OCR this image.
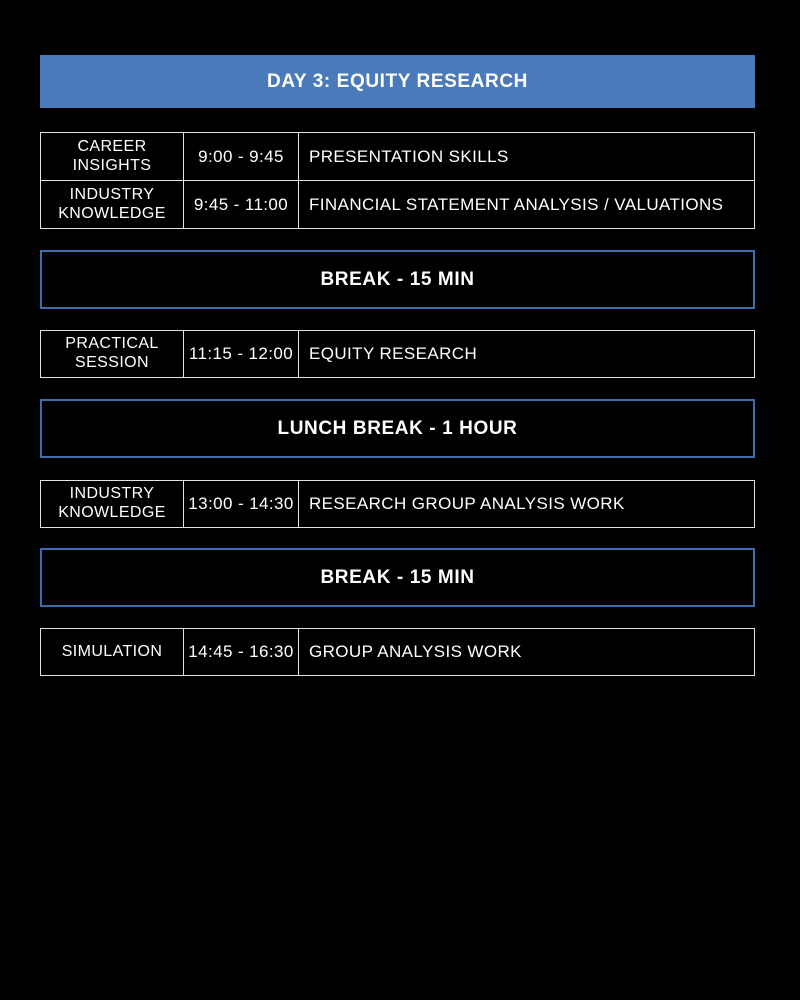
DAY 3: EQUITY RESEARCH
CAREER INSIGHTS	9:00 - 9:45	PRESENTATION SKILLS
INDUSTRY KNOWLEDGE	9:45 - 11:00	FINANCIAL STATEMENT ANALYSIS / VALUATIONS
BREAK - 15 MIN
PRACTICAL SESSION	11:15 - 12:00 EQUITY RESEARCH
LUNCH BREAK - 1 HOUR
INDUSTRY KNOWLEDGE	13:00 - 14:30 RESEARCH GROUP ANALYSIS WORK
BREAK - 15 MIN
SIMULATION	14:45 - 16:30 GROUP ANALYSIS WORK
